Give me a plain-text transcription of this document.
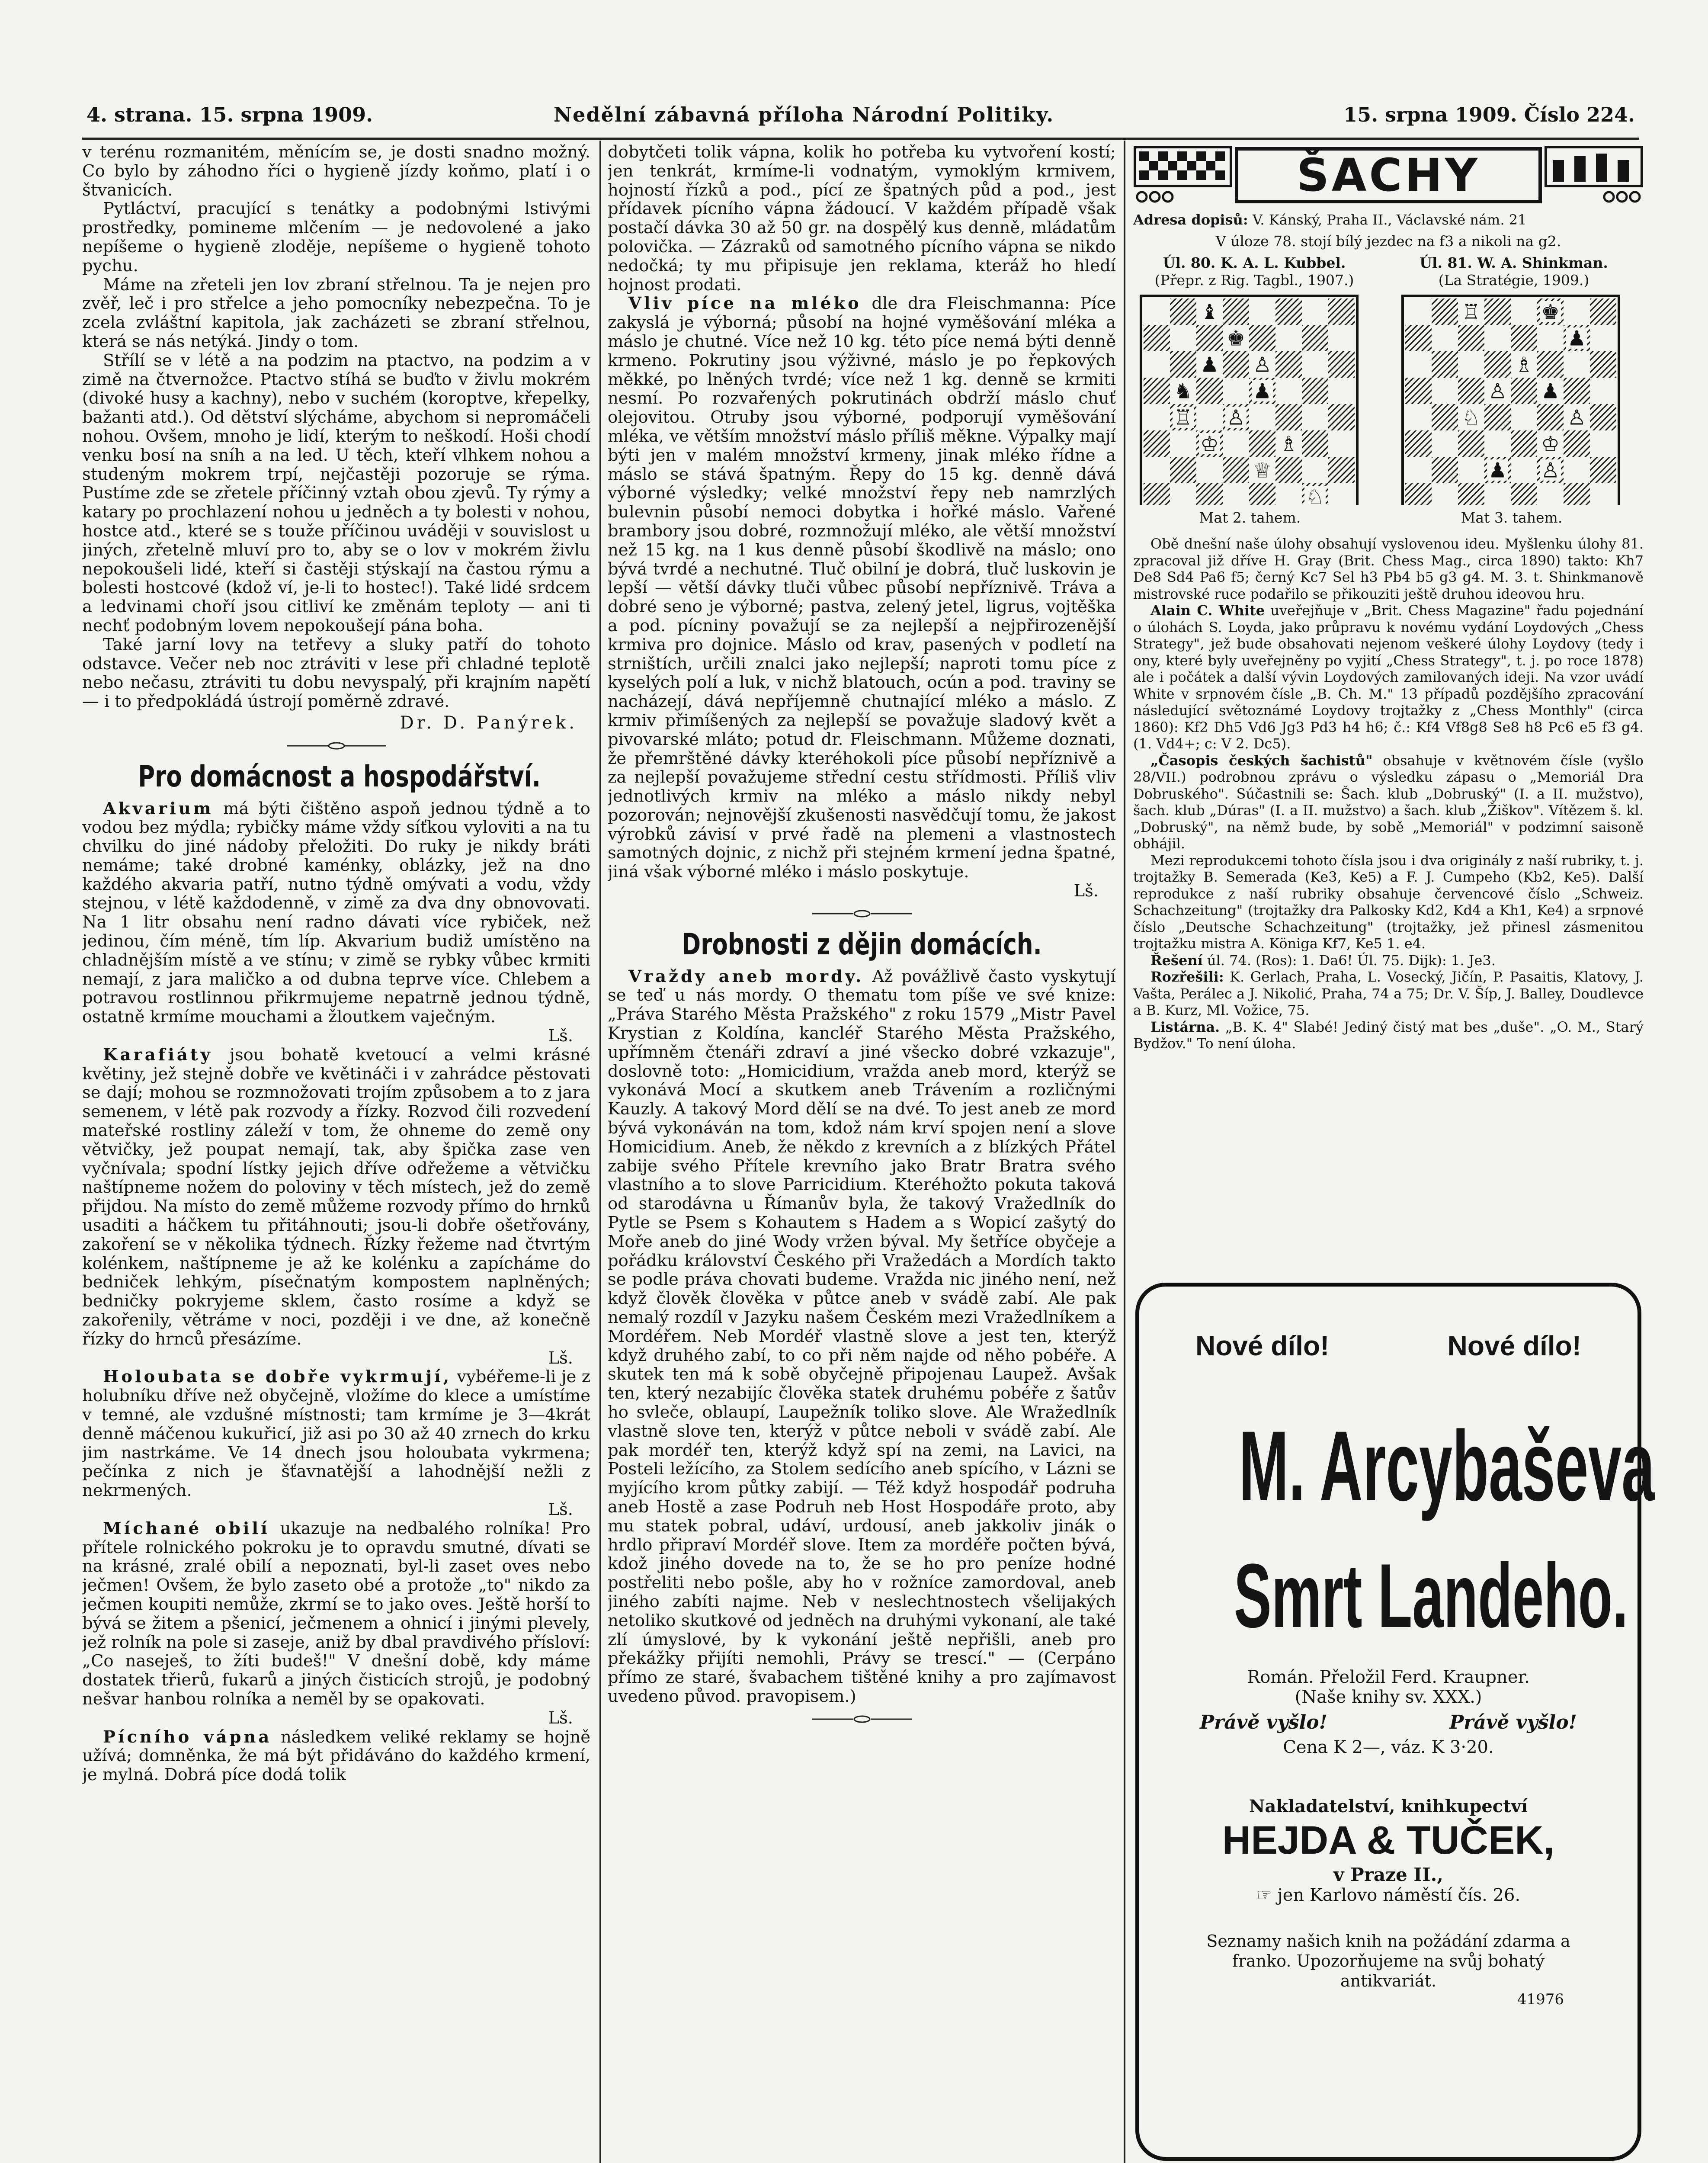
4. strana. 15. srpna 1909.	Nedělní zábavná příloha Národní Politiky.	15. srpna 1909. Číslo 224.

v terénu rozmanitém, měnícím se, je dosti snadno možný. Co bylo by záhodno říci o hygieně jízdy koňmo, platí i o štvanicích.

Pytláctví, pracující s tenátky a podobnými lstivými prostředky, pomineme mlčením — je nedovolené a jako nepíšeme o hygieně zloděje, nepíšeme o hygieně tohoto pychu.

Máme na zřeteli jen lov zbraní střelnou. Ta je nejen pro zvěř, leč i pro střelce a jeho pomocníky nebezpečna. To je zcela zvláštní kapitola, jak zacházeti se zbraní střelnou, která se nás netýká. Jindy o tom.

Střílí se v létě a na podzim na ptactvo, na podzim a v zimě na čtvernožce. Ptactvo stíhá se buďto v živlu mokrém (divoké husy a kachny), nebo v suchém (koroptve, křepelky, bažanti atd.). Od dětství slýcháme, abychom si nepromáčeli nohou. Ovšem, mnoho je lidí, kterým to neškodí. Hoši chodí venku bosí na sníh a na led. U těch, kteří vlhkem nohou a studeným mokrem trpí, nejčastěji pozoruje se rýma. Pustíme zde se zřetele příčinný vztah obou zjevů. Ty rýmy a katary po prochlazení nohou u jedněch a ty bolesti v nohou, hostce atd., které se s touže příčinou uváději v souvislost u jiných, zřetelně mluví pro to, aby se o lov v mokrém živlu nepokoušeli lidé, kteří si častěji stýskají na častou rýmu a bolesti hostcové (kdož ví, je-li to hostec!). Také lidé srdcem a ledvinami choří jsou citliví ke změnám teploty — ani ti nechť podobným lovem nepokoušejí pána boha.

Také jarní lovy na tetřevy a sluky patří do tohoto odstavce. Večer neb noc ztráviti v lese při chladné teplotě nebo nečasu, ztráviti tu dobu nevyspalý, při krajním napětí — i to předpokládá ústrojí poměrně zdravé.

Dr. D. Panýrek.
Pro domácnost a hospodářství.

Akvarium má býti čištěno aspoň jednou týdně a to vodou bez mýdla; rybičky máme vždy síťkou vyloviti a na tu chvilku do jiné nádoby přeložiti. Do ruky je nikdy bráti nemáme; také drobné kaménky, oblázky, jež na dno každého akvaria patří, nutno týdně omývati a vodu, vždy stejnou, v létě každodenně, v zimě za dva dny obnovovati. Na 1 litr obsahu není radno dávati více rybiček, než jedinou, čím méně, tím líp. Akvarium budiž umístěno na chladnějším místě a ve stínu; v zimě se rybky vůbec krmiti nemají, z jara maličko a od dubna teprve více. Chlebem a potravou rostlinnou přikrmujeme nepatrně jednou týdně, ostatně krmíme mouchami a žloutkem vaječným.

Lš.

Karafiáty jsou bohatě kvetoucí a velmi krásné květiny, jež stejně dobře ve květináči i v zahrádce pěstovati se dají; mohou se rozmnožovati trojím způsobem a to z jara semenem, v létě pak rozvody a řízky. Rozvod čili rozvedení mateřské rostliny záleží v tom, že ohneme do země ony větvičky, jež poupat nemají, tak, aby špička zase ven vyčnívala; spodní lístky jejich dříve odřežeme a větvičku naštípneme nožem do poloviny v těch místech, jež do země přijdou. Na místo do země můžeme rozvody přímo do hrnků usaditi a háčkem tu přitáhnouti; jsou-li dobře ošetřovány, zakoření se v několika týdnech. Řízky řežeme nad čtvrtým kolénkem, naštípneme je až ke kolénku a zapícháme do bedniček lehkým, písečnatým kompostem naplněných; bedničky pokryjeme sklem, často rosíme a když se zakořenily, větráme v noci, později i ve dne, až konečně řízky do hrnců přesázíme.

Lš.

Holoubata se dobře vykrmují, vybéřeme-li je z holubníku dříve než obyčejně, vložíme do klece a umístíme v temné, ale vzdušné místnosti; tam krmíme je 3—4krát denně máčenou kukuřicí, již asi po 30 až 40 zrnech do krku jim nastrkáme. Ve 14 dnech jsou holoubata vykrmena; pečínka z nich je šťavnatější a lahodnější nežli z nekrmených.

Lš.

Míchané obilí ukazuje na nedbalého rolníka! Pro přítele rolnického pokroku je to opravdu smutné, dívati se na krásné, zralé obilí a nepoznati, byl-li zaset oves nebo ječmen! Ovšem, že bylo zaseto obé a protože „to" nikdo za ječmen koupiti nemůže, zkrmí se to jako oves. Ještě horší to bývá se žitem a pšenicí, ječmenem a ohnicí i jinými plevely, jež rolník na pole si zaseje, aniž by dbal pravdivého přísloví: „Co naseješ, to žíti budeš!" V dnešní době, kdy máme dostatek třierů, fukarů a jiných čisticích strojů, je podobný nešvar hanbou rolníka a neměl by se opakovati.

Lš.

Pícního vápna následkem veliké reklamy se hojně užívá; domněnka, že má být přidáváno do každého krmení, je mylná. Dobrá píce dodá tolik

dobytčeti tolik vápna, kolik ho potřeba ku vytvoření kostí; jen tenkrát, krmíme-li vodnatým, vymoklým krmivem, hojností řízků a pod., pící ze špatných půd a pod., jest přídavek pícního vápna žádoucí. V každém případě však postačí dávka 30 až 50 gr. na dospělý kus denně, mládatům polovička. — Zázraků od samotného pícního vápna se nikdo nedočká; ty mu připisuje jen reklama, kteráž ho hledí hojnost prodati.

Vliv píce na mléko dle dra Fleischmanna: Píce zakyslá je výborná; působí na hojné vyměšování mléka a máslo je chutné. Více než 10 kg. této píce nemá býti denně krmeno. Pokrutiny jsou výživné, máslo je po řepkových měkké, po lněných tvrdé; více než 1 kg. denně se krmiti nesmí. Po rozvařených pokrutinách obdrží máslo chuť olejovitou. Otruby jsou výborné, podporují vyměšování mléka, ve větším množství máslo příliš měkne. Výpalky mají býti jen v malém množství krmeny, jinak mléko řídne a máslo se stává špatným. Řepy do 15 kg. denně dává výborné výsledky; velké množství řepy neb namrzlých bulevnin působí nemoci dobytka i hořké máslo. Vařené brambory jsou dobré, rozmnožují mléko, ale větší množství než 15 kg. na 1 kus denně působí škodlivě na máslo; ono bývá tvrdé a nechutné. Tluč obilní je dobrá, tluč luskovin je lepší — větší dávky tluči vůbec působí nepříznivě. Tráva a dobré seno je výborné; pastva, zelený jetel, ligrus, vojtěška a pod. pícniny považují se za nejlepší a nejpřirozenější krmiva pro dojnice. Máslo od krav, pasených v podletí na strništích, určili znalci jako nejlepší; naproti tomu píce z kyselých polí a luk, v nichž blatouch, ocún a pod. traviny se nacházejí, dává nepříjemně chutnající mléko a máslo. Z krmiv přimíšených za nejlepší se považuje sladový květ a pivovarské mláto; potud dr. Fleischmann. Můžeme doznati, že přemrštěné dávky kteréhokoli píce působí nepříznivě a za nejlepší považujeme střední cestu střídmosti. Příliš vliv jednotlivých krmiv na mléko a máslo nikdy nebyl pozorován; nejnovější zkušenosti nasvědčují tomu, že jakost výrobků závisí v prvé řadě na plemeni a vlastnostech samotných dojnic, z nichž při stejném krmení jedna špatné, jiná však výborné mléko i máslo poskytuje.

Lš.
Drobnosti z dějin domácích.

Vraždy aneb mordy. Až povážlivě často vyskytují se teď u nás mordy. O thematu tom píše ve své knize: „Práva Starého Města Pražského" z roku 1579 „Mistr Pavel Krystian z Koldína, kancléř Starého Města Pražského, upřímněm čtenáři zdraví a jiné všecko dobré vzkazuje", doslovně toto: „Homicidium, vražda aneb mord, kterýž se vykonává Mocí a skutkem aneb Trávením a rozličnými Kauzly. A takový Mord dělí se na dvé. To jest aneb ze mord bývá vykonáván na tom, kdož nám krví spojen není a slove Homicidium. Aneb, že někdo z krevních a z blízkých Přátel zabije svého Přítele krevního jako Bratr Bratra svého vlastního a to slove Parricidium. Kteréhožto pokuta taková od starodávna u Římanův byla, že takový Vražedlník do Pytle se Psem s Kohautem s Hadem a s Wopicí zašytý do Moře aneb do jiné Wody vržen býval. My šetříce obyčeje a pořádku království Českého při Vražedách a Mordích takto se podle práva chovati budeme. Vražda nic jiného není, než když člověk člověka v půtce aneb v svádě zabí. Ale pak nemalý rozdíl v Jazyku našem Českém mezi Vražedlníkem a Mordéřem. Neb Mordéř vlastně slove a jest ten, kterýž když druhého zabí, to co při něm najde od něho pobéře. A skutek ten má k sobě obyčejně připojenau Laupež. Avšak ten, který nezabijíc člověka statek druhému pobéře z šatův ho svleče, oblaupí, Laupežník toliko slove. Ale Wražedlník vlastně slove ten, kterýž v půtce neboli v svádě zabí. Ale pak mordéř ten, kterýž když spí na zemi, na Lavici, na Posteli ležícího, za Stolem sedícího aneb spícího, v Lázni se myjícího krom půtky zabijí. — Též když hospodář podruha aneb Hostě a zase Podruh neb Host Hospodáře proto, aby mu statek pobral, udáví, urdousí, aneb jakkoliv jinák o hrdlo připraví Mordéř slove. Item za mordéře počten bývá, kdož jiného dovede na to, že se ho pro peníze hodné postřeliti nebo pošle, aby ho v rožníce zamordoval, aneb jiného zabíti najme. Neb v neslechtnostech všelijakých netoliko skutkové od jedněch na druhými vykonaní, ale také zlí úmyslové, by k vykonání ještě nepřišli, aneb pro překážky přijíti nemohli, Právy se trescí." — (Cerpáno přímo ze staré, švabachem tištěné knihy a pro zajímavost uvedeno původ. pravopisem.)

ŠACHY
Adresa dopisů: V. Kánský, Praha II., Václavské nám. 21
V úloze 78. stojí bílý jezdec na f3 a nikoli na g2.
Úl. 80. K. A. L. Kubbel.
(Přepr. z Rig. Tagbl., 1907.)
Úl. 81. W. A. Shinkman.
(La Stratégie, 1909.)
♝
♚
♟ ♙
♞	♟
♖ ♙
♔	♗
♕
♘
Mat 2. tahem.
♖	♚
♟
♗
♙ ♟
♘	♙
♔
♟ ♙
Mat 3. tahem.

Obě dnešní naše úlohy obsahují vyslovenou ideu. Myšlenku úlohy 81. zpracoval již dříve H. Gray (Brit. Chess Mag., circa 1890) takto: Kh7 De8 Sd4 Pa6 f5; černý Kc7 Sel h3 Pb4 b5 g3 g4. M. 3. t. Shinkmanově mistrovské ruce podařilo se přikouziti ještě druhou ideovou hru.

Alain C. White uveřejňuje v „Brit. Chess Magazine" řadu pojednání o úlohách S. Loyda, jako průpravu k novému vydání Loydových „Chess Strategy", jež bude obsahovati nejenom veškeré úlohy Loydovy (tedy i ony, které byly uveřejněny po vyjití „Chess Strategy", t. j. po roce 1878) ale i počátek a další vývin Loydových zamilovaných ideji. Na vzor uvádí White v srpnovém čísle „B. Ch. M." 13 případů pozdějšího zpracování následující světoznámé Loydovy trojtažky z „Chess Monthly" (circa 1860): Kf2 Dh5 Vd6 Jg3 Pd3 h4 h6; č.: Kf4 Vf8g8 Se8 h8 Pc6 e5 f3 g4. (1. Vd4+; c: V 2. Dc5).

„Časopis českých šachistů" obsahuje v květnovém čísle (vyšlo 28/VII.) podrobnou zprávu o výsledku zápasu o „Memoriál Dra Dobruského". Súčastnili se: Šach. klub „Dobruský" (I. a II. mužstvo), šach. klub „Dúras" (I. a II. mužstvo) a šach. klub „Žiškov". Vítězem š. kl. „Dobruský", na němž bude, by sobě „Memoriál" v podzimní saisoně obhájil.

Mezi reprodukcemi tohoto čísla jsou i dva originály z naší rubriky, t. j. trojtažky B. Semerada (Ke3, Ke5) a F. J. Cumpeho (Kb2, Ke5). Další reprodukce z naší rubriky obsahuje červencové číslo „Schweiz. Schachzeitung" (trojtažky dra Palkosky Kd2, Kd4 a Kh1, Ke4) a srpnové číslo „Deutsche Schachzeitung" (trojtažky, jež přinesl zásmenitou trojtažku mistra A. Königa Kf7, Ke5 1. e4.

Řešení úl. 74. (Ros): 1. Da6! Úl. 75. Dijk): 1. Je3.

Rozřešili: K. Gerlach, Praha, L. Vosecký, Jičín, P. Pasaitis, Klatovy, J. Vašta, Perálec a J. Nikolić, Praha, 74 a 75; Dr. V. Šíp, J. Balley, Doudlevce a B. Kurz, Ml. Vožice, 75.

Listárna. „B. K. 4" Slabé! Jediný čistý mat bes „duše". „O. M., Starý Bydžov." To není úloha.

Nové dílo!	Nové dílo!
M. Arcybaševa
Smrt Landeho.
Román. Přeložil Ferd. Kraupner.
(Naše knihy sv. XXX.)
Právě vyšlo!	Právě vyšlo!
Cena K 2—, váz. K 3·20.
Nakladatelství, knihkupectví
HEJDA & TUČEK,
v Praze II.,
☞ jen Karlovo náměstí čís. 26.
Seznamy našich knih na požádání zdarma a franko. Upozorňujeme na svůj bohatý antikvariát.
41976
